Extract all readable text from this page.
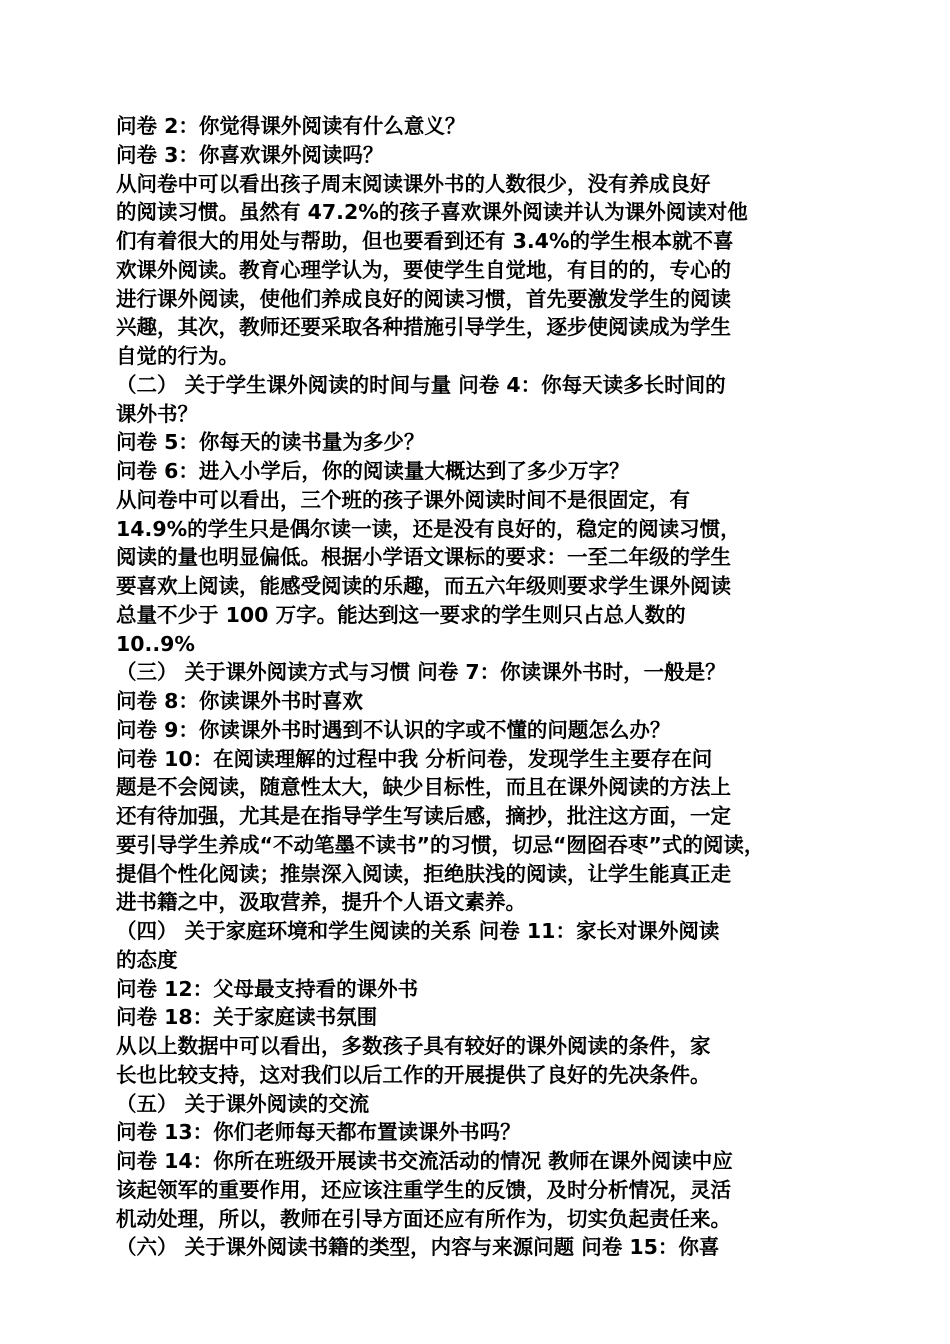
问卷 2：你觉得课外阅读有什么意义？
问卷 3：你喜欢课外阅读吗？
从问卷中可以看出孩子周末阅读课外书的人数很少，没有养成良好
的阅读习惯。虽然有 47.2%的孩子喜欢课外阅读并认为课外阅读对他
们有着很大的用处与帮助，但也要看到还有 3.4%的学生根本就不喜
欢课外阅读。教育心理学认为，要使学生自觉地，有目的的，专心的
进行课外阅读，使他们养成良好的阅读习惯，首先要激发学生的阅读
兴趣，其次，教师还要采取各种措施引导学生，逐步使阅读成为学生
自觉的行为。
（二） 关于学生课外阅读的时间与量 问卷 4：你每天读多长时间的
课外书？
问卷 5：你每天的读书量为多少？
问卷 6：进入小学后，你的阅读量大概达到了多少万字？
从问卷中可以看出，三个班的孩子课外阅读时间不是很固定，有
14.9%的学生只是偶尔读一读，还是没有良好的，稳定的阅读习惯，
阅读的量也明显偏低。根据小学语文课标的要求：一至二年级的学生
要喜欢上阅读，能感受阅读的乐趣，而五六年级则要求学生课外阅读
总量不少于 100 万字。能达到这一要求的学生则只占总人数的
10..9%
（三） 关于课外阅读方式与习惯 问卷 7：你读课外书时，一般是？
问卷 8：你读课外书时喜欢
问卷 9：你读课外书时遇到不认识的字或不懂的问题怎么办？
问卷 10：在阅读理解的过程中我 分析问卷，发现学生主要存在问
题是不会阅读，随意性太大，缺少目标性，而且在课外阅读的方法上
还有待加强，尤其是在指导学生写读后感，摘抄，批注这方面，一定
要引导学生养成“不动笔墨不读书”的习惯，切忌“囫囵吞枣”式的阅读，
提倡个性化阅读；推崇深入阅读，拒绝肤浅的阅读，让学生能真正走
进书籍之中，汲取营养，提升个人语文素养。
（四） 关于家庭环境和学生阅读的关系 问卷 11：家长对课外阅读
的态度
问卷 12：父母最支持看的课外书
问卷 18：关于家庭读书氛围
从以上数据中可以看出，多数孩子具有较好的课外阅读的条件，家
长也比较支持，这对我们以后工作的开展提供了良好的先决条件。
（五） 关于课外阅读的交流
问卷 13：你们老师每天都布置读课外书吗？
问卷 14：你所在班级开展读书交流活动的情况 教师在课外阅读中应
该起领军的重要作用，还应该注重学生的反馈，及时分析情况，灵活
机动处理，所以，教师在引导方面还应有所作为，切实负起责任来。
（六） 关于课外阅读书籍的类型，内容与来源问题 问卷 15：你喜
